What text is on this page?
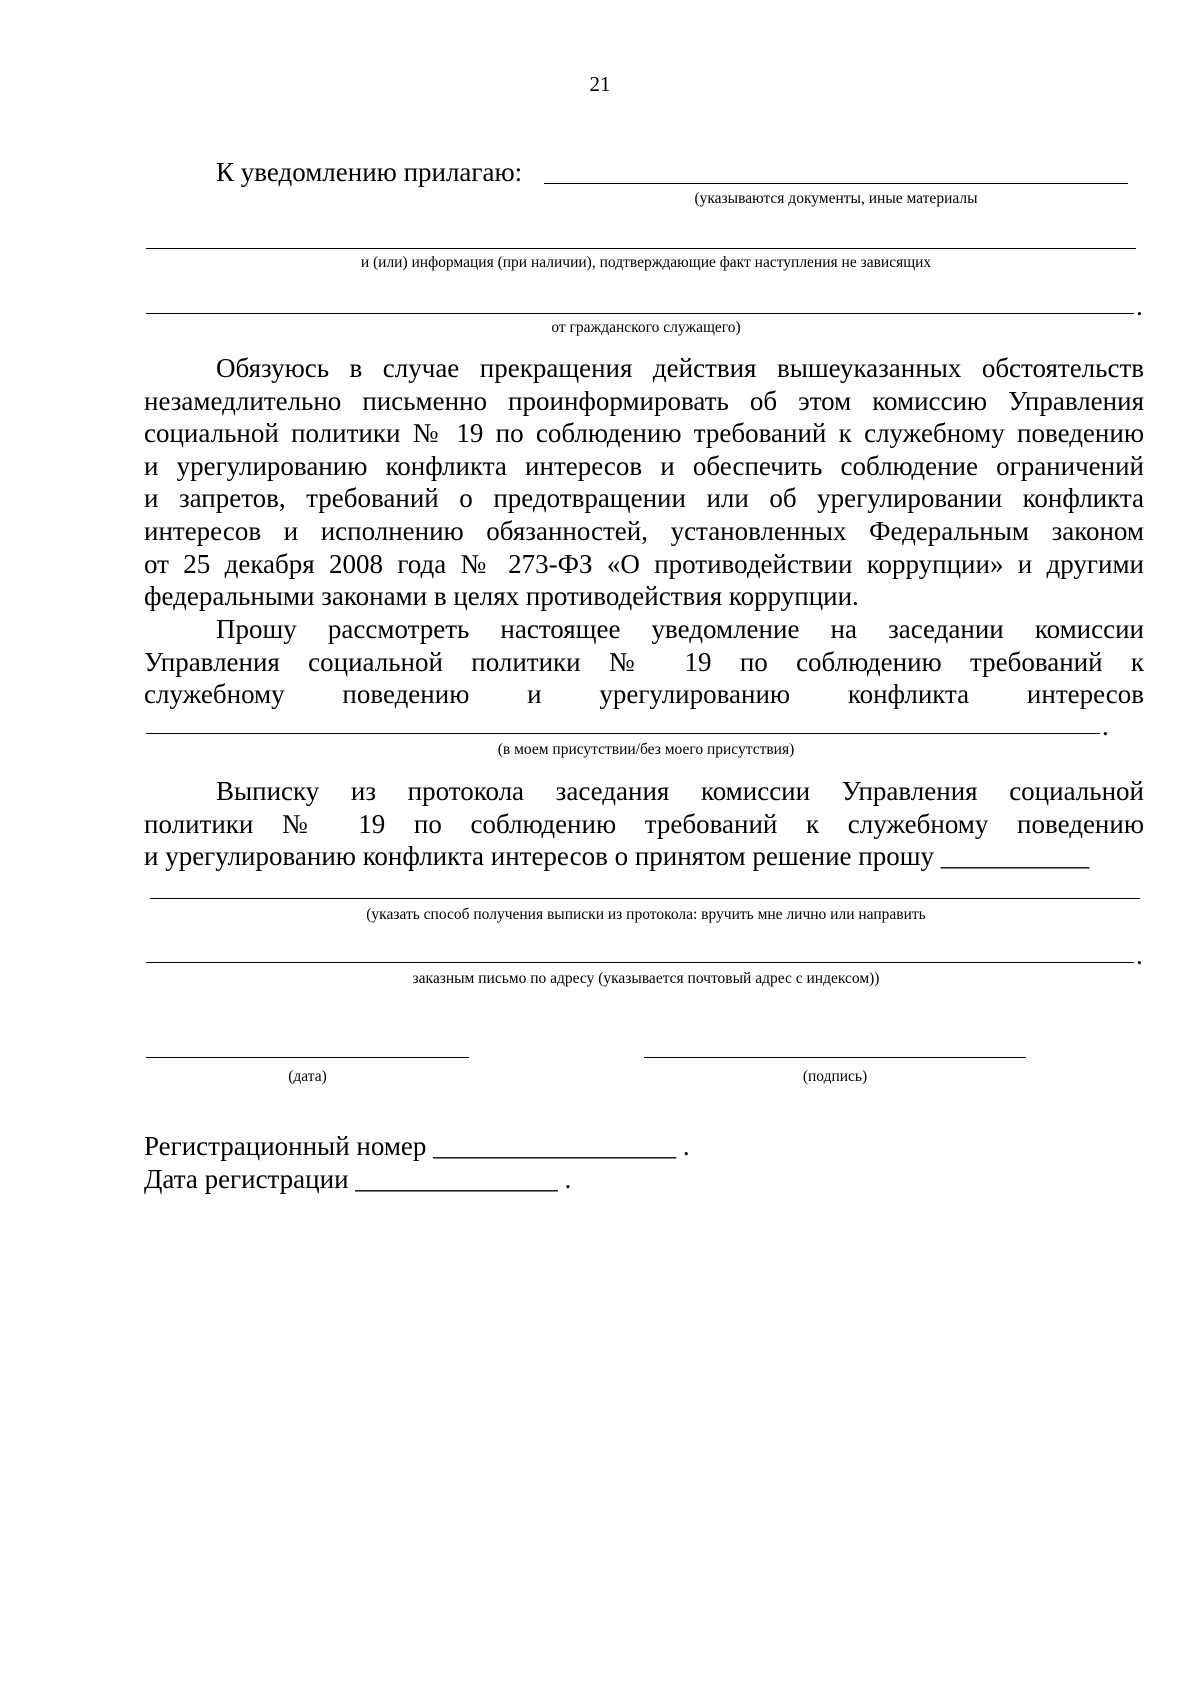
21
К уведомлению прилагаю:
(указываются документы, иные материалы
и (или) информация (при наличии), подтверждающие факт наступления не зависящих
.
от гражданского служащего)
Обязуюсь в случае прекращения действия вышеуказанных обстоятельств
незамедлительно письменно проинформировать об этом комиссию Управления
социальной политики № 19 по соблюдению требований к служебному поведению
и урегулированию конфликта интересов и обеспечить соблюдение ограничений
и запретов, требований о предотвращении или об урегулировании конфликта
интересов и исполнению обязанностей, установленных Федеральным законом
от 25 декабря 2008 года № 273-ФЗ «О противодействии коррупции» и другими
федеральными законами в целях противодействия коррупции.
Прошу рассмотреть настоящее уведомление на заседании комиссии
Управления социальной политики № 19 по соблюдению требований к
служебному поведению и урегулированию конфликта интересов
.
(в моем присутствии/без моего присутствия)
Выписку из протокола заседания комиссии Управления социальной
политики № 19 по соблюдению требований к служебному поведению
и урегулированию конфликта интересов о принятом решение прошу ___________
(указать способ получения выписки из протокола: вручить мне лично или направить
.
заказным письмо по адресу (указывается почтовый адрес с индексом))
(дата)	(подпись)
Регистрационный номер __________________ .
Дата регистрации _______________ .
